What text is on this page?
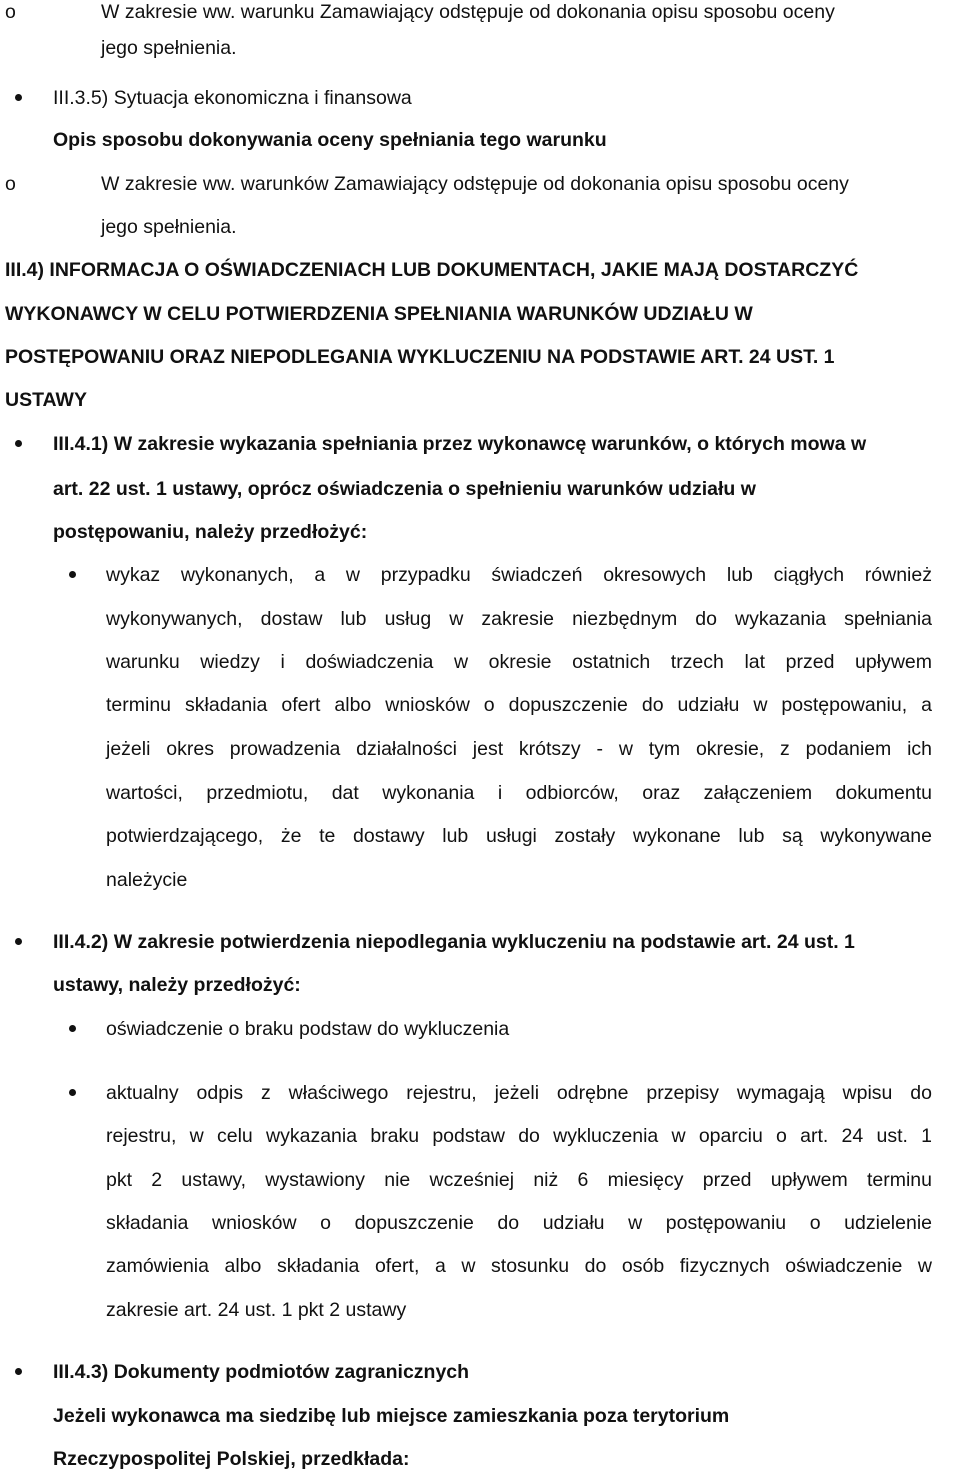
o	W zakresie ww. warunku Zamawiający odstępuje od dokonania opisu sposobu oceny
jego spełnienia.
III.3.5) Sytuacja ekonomiczna i finansowa
Opis sposobu dokonywania oceny spełniania tego warunku
o	W zakresie ww. warunków Zamawiający odstępuje od dokonania opisu sposobu oceny
jego spełnienia.
III.4) INFORMACJA O OŚWIADCZENIACH LUB DOKUMENTACH, JAKIE MAJĄ DOSTARCZYĆ
WYKONAWCY W CELU POTWIERDZENIA SPEŁNIANIA WARUNKÓW UDZIAŁU W
POSTĘPOWANIU ORAZ NIEPODLEGANIA WYKLUCZENIU NA PODSTAWIE ART. 24 UST. 1
USTAWY
III.4.1) W zakresie wykazania spełniania przez wykonawcę warunków, o których mowa w
art. 22 ust. 1 ustawy, oprócz oświadczenia o spełnieniu warunków udziału w
postępowaniu, należy przedłożyć:
wykaz wykonanych, a w przypadku świadczeń okresowych lub ciągłych również
wykonywanych, dostaw lub usług w zakresie niezbędnym do wykazania spełniania
warunku wiedzy i doświadczenia w okresie ostatnich trzech lat przed upływem
terminu składania ofert albo wniosków o dopuszczenie do udziału w postępowaniu, a
jeżeli okres prowadzenia działalności jest krótszy - w tym okresie, z podaniem ich
wartości, przedmiotu, dat wykonania i odbiorców, oraz załączeniem dokumentu
potwierdzającego, że te dostawy lub usługi zostały wykonane lub są wykonywane
należycie
III.4.2) W zakresie potwierdzenia niepodlegania wykluczeniu na podstawie art. 24 ust. 1
ustawy, należy przedłożyć:
oświadczenie o braku podstaw do wykluczenia
aktualny odpis z właściwego rejestru, jeżeli odrębne przepisy wymagają wpisu do
rejestru, w celu wykazania braku podstaw do wykluczenia w oparciu o art. 24 ust. 1
pkt 2 ustawy, wystawiony nie wcześniej niż 6 miesięcy przed upływem terminu
składania wniosków o dopuszczenie do udziału w postępowaniu o udzielenie
zamówienia albo składania ofert, a w stosunku do osób fizycznych oświadczenie w
zakresie art. 24 ust. 1 pkt 2 ustawy
III.4.3) Dokumenty podmiotów zagranicznych
Jeżeli wykonawca ma siedzibę lub miejsce zamieszkania poza terytorium
Rzeczypospolitej Polskiej, przedkłada:
